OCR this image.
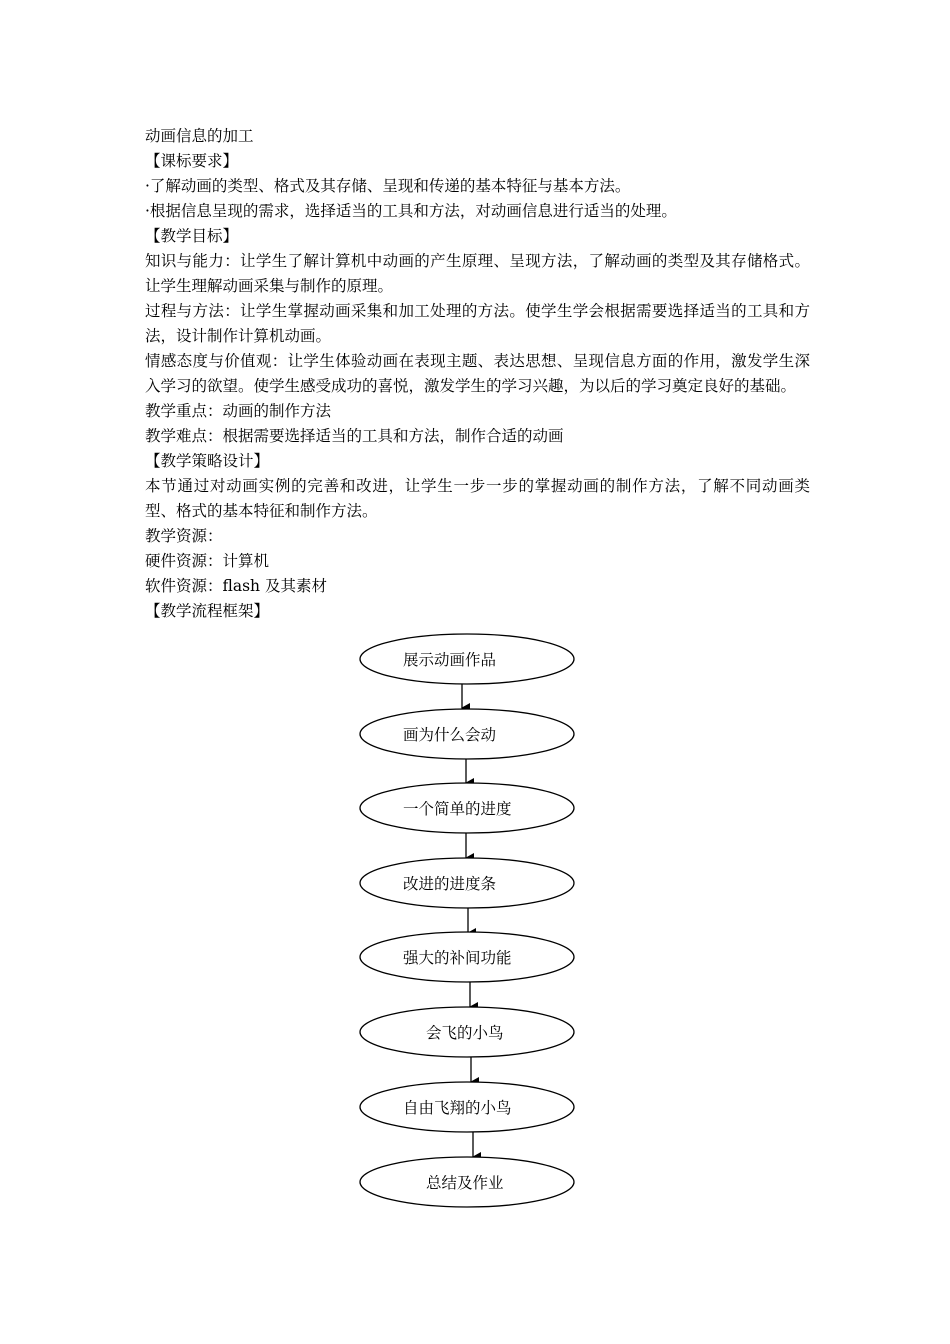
动画信息的加工

【课标要求】

·了解动画的类型、格式及其存储、呈现和传递的基本特征与基本方法。

·根据信息呈现的需求，选择适当的工具和方法，对动画信息进行适当的处理。

【教学目标】

知识与能力：让学生了解计算机中动画的产生原理、呈现方法，了解动画的类型及其存储格式。让学生理解动画采集与制作的原理。

过程与方法：让学生掌握动画采集和加工处理的方法。使学生学会根据需要选择适当的工具和方法，设计制作计算机动画。

情感态度与价值观：让学生体验动画在表现主题、表达思想、呈现信息方面的作用，激发学生深入学习的欲望。使学生感受成功的喜悦，激发学生的学习兴趣，为以后的学习奠定良好的基础。

教学重点：动画的制作方法

教学难点：根据需要选择适当的工具和方法，制作合适的动画

【教学策略设计】

本节通过对动画实例的完善和改进，让学生一步一步的掌握动画的制作方法，了解不同动画类型、格式的基本特征和制作方法。

教学资源：

硬件资源：计算机

软件资源：flash 及其素材

【教学流程框架】

展示动画作品
画为什么会动
一个简单的进度
改进的进度条
强大的补间功能
会飞的小鸟
自由飞翔的小鸟
总结及作业
